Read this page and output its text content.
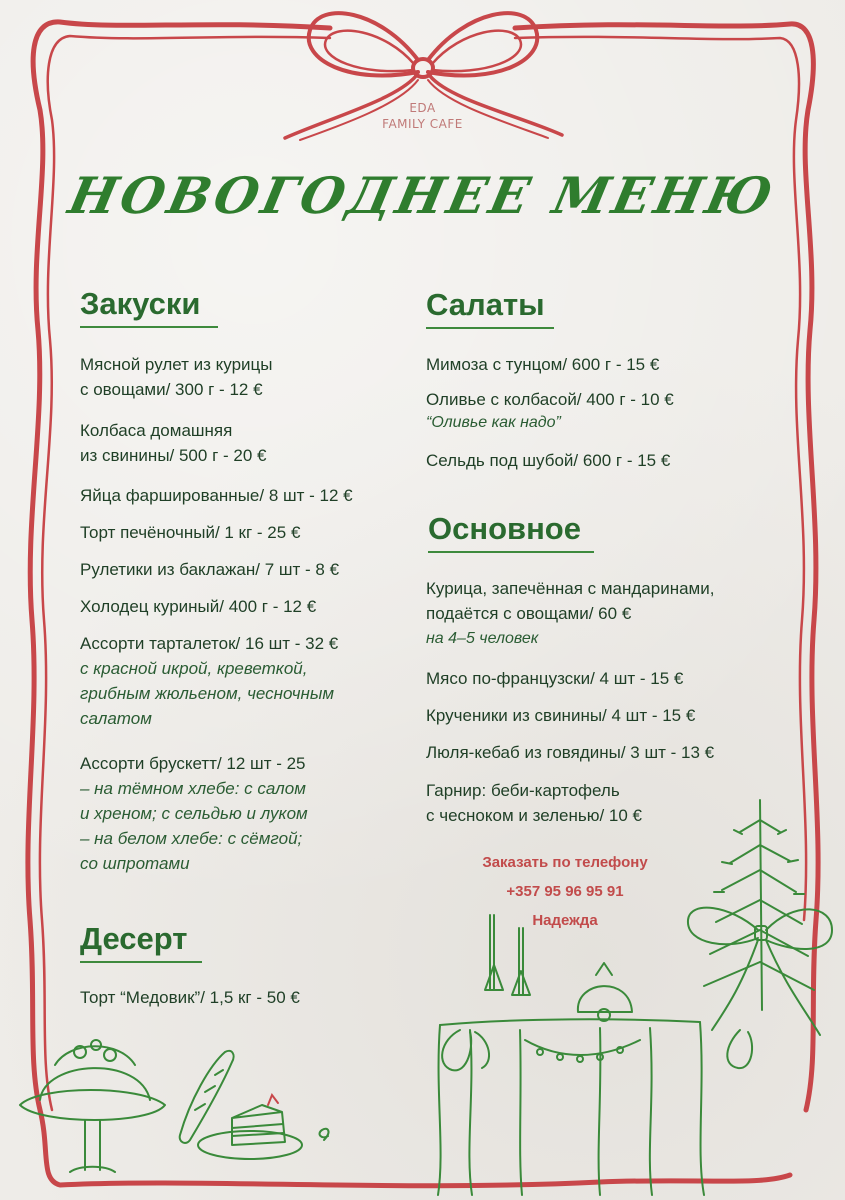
EDA
FAMILY CAFE
НОВОГОДНЕЕ МЕНЮ
Закуски
Мясной рулет из курицы
с овощами/ 300 г - 12 €
Колбаса домашняя
из свинины/ 500 г - 20 €
Яйца фаршированные/ 8 шт - 12 €
Торт печёночный/ 1 кг - 25 €
Рулетики из баклажан/ 7 шт - 8 €
Холодец куриный/ 400 г - 12 €
Ассорти тарталеток/ 16 шт - 32 €
с красной икрой, креветкой,
грибным жюльеном, чесночным
салатом
Ассорти брускетт/ 12 шт - 25
– на тёмном хлебе: с салом
и хреном; с сельдью и луком
– на белом хлебе: с сёмгой;
со шпротами
Десерт
Торт “Медовик”/ 1,5 кг - 50 €
Салаты
Мимоза с тунцом/ 600 г - 15 €
Оливье с колбасой/ 400 г - 10 €
“Оливье как надо”
Сельдь под шубой/ 600 г - 15 €
Основное
Курица, запечённая с мандаринами,
подаётся с овощами/ 60 €
на 4–5 человек
Мясо по-французски/ 4 шт - 15 €
Крученики из свинины/ 4 шт - 15 €
Люля-кебаб из говядины/ 3 шт - 13 €
Гарнир: беби-картофель
с чесноком и зеленью/ 10 €
Заказать по телефону
+357 95 96 95 91
Надежда
